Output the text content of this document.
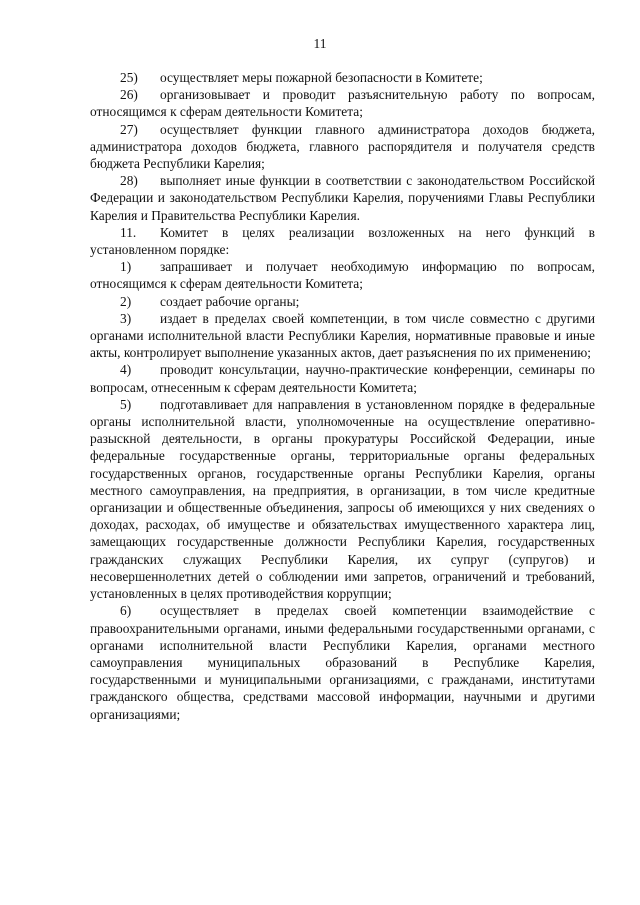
11

25) осуществляет меры пожарной безопасности в Комитете;

26) организовывает и проводит разъяснительную работу по вопросам, относящимся к сферам деятельности Комитета;

27) осуществляет функции главного администратора доходов бюджета, администратора доходов бюджета, главного распорядителя и получателя средств бюджета Республики Карелия;

28) выполняет иные функции в соответствии с законодательством Российской Федерации и законодательством Республики Карелия, поручениями Главы Республики Карелия и Правительства Республики Карелия.

11. Комитет в целях реализации возложенных на него функций в установленном порядке:

1) запрашивает и получает необходимую информацию по вопросам, относящимся к сферам деятельности Комитета;

2) создает рабочие органы;

3) издает в пределах своей компетенции, в том числе совместно с другими органами исполнительной власти Республики Карелия, нормативные правовые и иные акты, контролирует выполнение указанных актов, дает разъяснения по их применению;

4) проводит консультации, научно-практические конференции, семинары по вопросам, отнесенным к сферам деятельности Комитета;

5) подготавливает для направления в установленном порядке в федеральные органы исполнительной власти, уполномоченные на осуществление оперативно-разыскной деятельности, в органы прокуратуры Российской Федерации, иные федеральные государственные органы, территориальные органы федеральных государственных органов, государственные органы Республики Карелия, органы местного самоуправления, на предприятия, в организации, в том числе кредитные организации и общественные объединения, запросы об имеющихся у них сведениях о доходах, расходах, об имуществе и обязательствах имущественного характера лиц, замещающих государственные должности Республики Карелия, государственных гражданских служащих Республики Карелия, их супруг (супругов) и несовершеннолетних детей о соблюдении ими запретов, ограничений и требований, установленных в целях противодействия коррупции;

6) осуществляет в пределах своей компетенции взаимодействие с правоохранительными органами, иными федеральными государственными органами, с органами исполнительной власти Республики Карелия, органами местного самоуправления муниципальных образований в Республике Карелия, государственными и муниципальными организациями, с гражданами, институтами гражданского общества, средствами массовой информации, научными и другими организациями;
